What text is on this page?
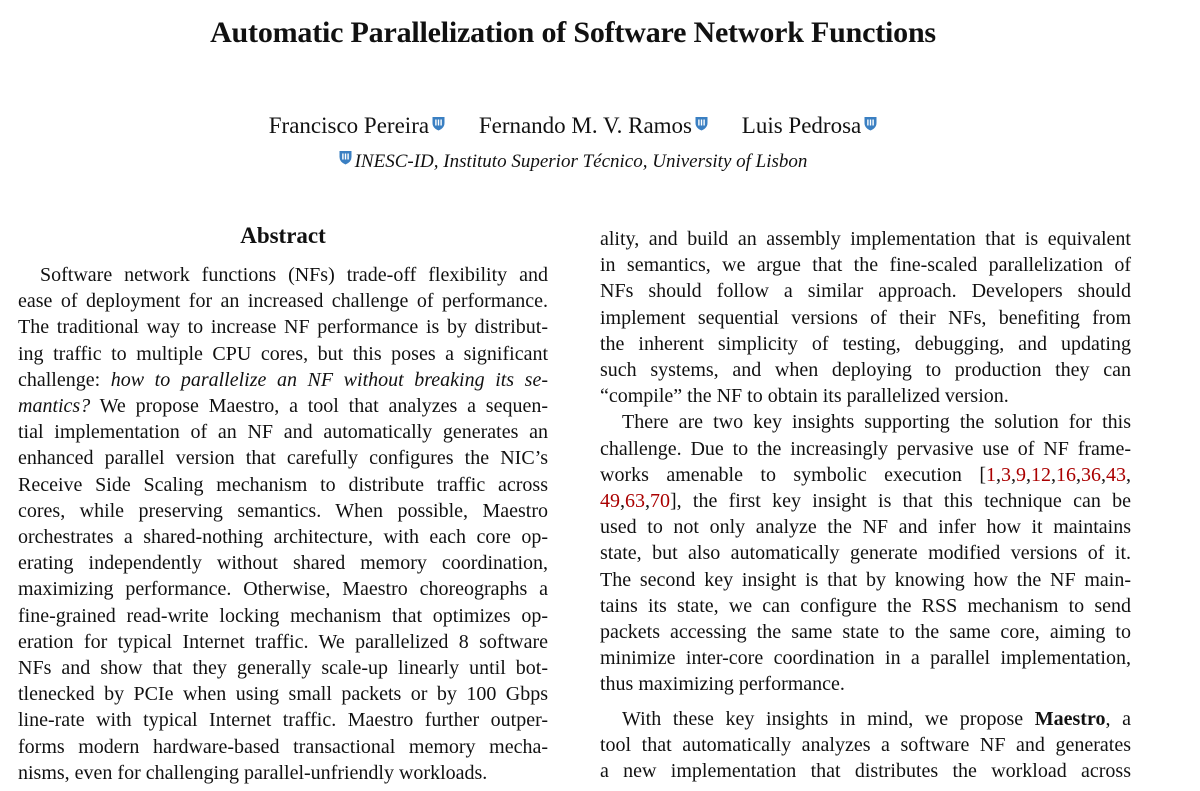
Automatic Parallelization of Software Network Functions
Francisco Pereira Fernando M. V. Ramos Luis Pedrosa
INESC-ID, Instituto Superior Técnico, University of Lisbon
Abstract
Software network functions (NFs) trade-off flexibility and
ease of deployment for an increased challenge of performance.
The traditional way to increase NF performance is by distribut-
ing traffic to multiple CPU cores, but this poses a significant
challenge: how to parallelize an NF without breaking its se-
mantics? We propose Maestro, a tool that analyzes a sequen-
tial implementation of an NF and automatically generates an
enhanced parallel version that carefully configures the NIC’s
Receive Side Scaling mechanism to distribute traffic across
cores, while preserving semantics. When possible, Maestro
orchestrates a shared-nothing architecture, with each core op-
erating independently without shared memory coordination,
maximizing performance. Otherwise, Maestro choreographs a
fine-grained read-write locking mechanism that optimizes op-
eration for typical Internet traffic. We parallelized 8 software
NFs and show that they generally scale-up linearly until bot-
tlenecked by PCIe when using small packets or by 100 Gbps
line-rate with typical Internet traffic. Maestro further outper-
forms modern hardware-based transactional memory mecha-
nisms, even for challenging parallel-unfriendly workloads.
ality, and build an assembly implementation that is equivalent
in semantics, we argue that the fine-scaled parallelization of
NFs should follow a similar approach. Developers should
implement sequential versions of their NFs, benefiting from
the inherent simplicity of testing, debugging, and updating
such systems, and when deploying to production they can
“compile” the NF to obtain its parallelized version.
There are two key insights supporting the solution for this
challenge. Due to the increasingly pervasive use of NF frame-
works amenable to symbolic execution [1,3,9,12,16,36,43,
49,63,70], the first key insight is that this technique can be
used to not only analyze the NF and infer how it maintains
state, but also automatically generate modified versions of it.
The second key insight is that by knowing how the NF main-
tains its state, we can configure the RSS mechanism to send
packets accessing the same state to the same core, aiming to
minimize inter-core coordination in a parallel implementation,
thus maximizing performance.
With these key insights in mind, we propose Maestro, a
tool that automatically analyzes a software NF and generates
a new implementation that distributes the workload across
